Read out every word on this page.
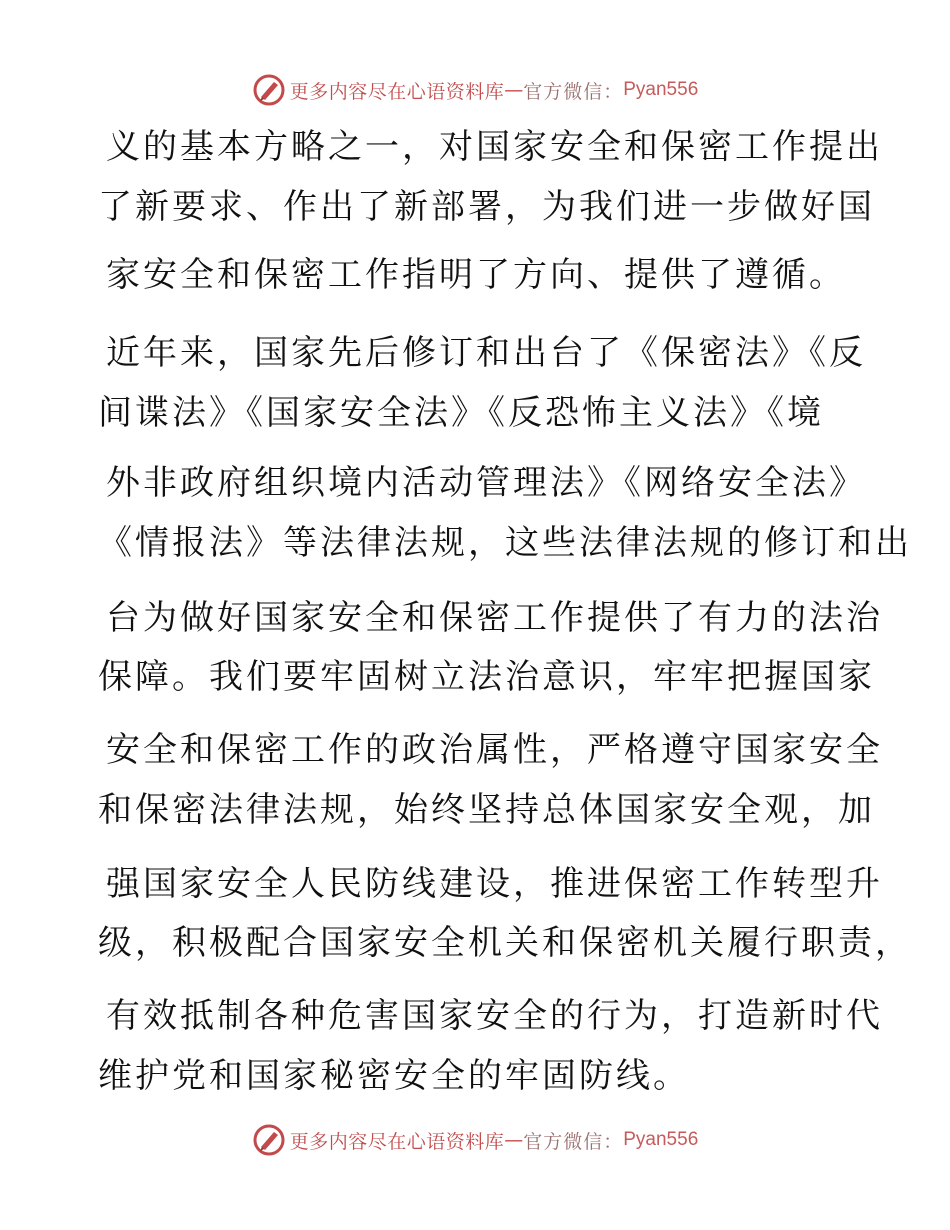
更多内容尽在心语资料库 — 官方微信： Pyan556
义的基本方略之一，对国家安全和保密工作提出
了新要求、作出了新部署，为我们进一步做好国
家安全和保密工作指明了方向、提供了遵循。
近年来，国家先后修订和出台了《保密法》《反
间谍法》《国家安全法》《反恐怖主义法》《境
外非政府组织境内活动管理法》《网络安全法》
《情报法》等法律法规，这些法律法规的修订和出
台为做好国家安全和保密工作提供了有力的法治
保障。我们要牢固树立法治意识，牢牢把握国家
安全和保密工作的政治属性，严格遵守国家安全
和保密法律法规，始终坚持总体国家安全观，加
强国家安全人民防线建设，推进保密工作转型升
级，积极配合国家安全机关和保密机关履行职责，
有效抵制各种危害国家安全的行为，打造新时代
维护党和国家秘密安全的牢固防线。
更多内容尽在心语资料库 — 官方微信： Pyan556
